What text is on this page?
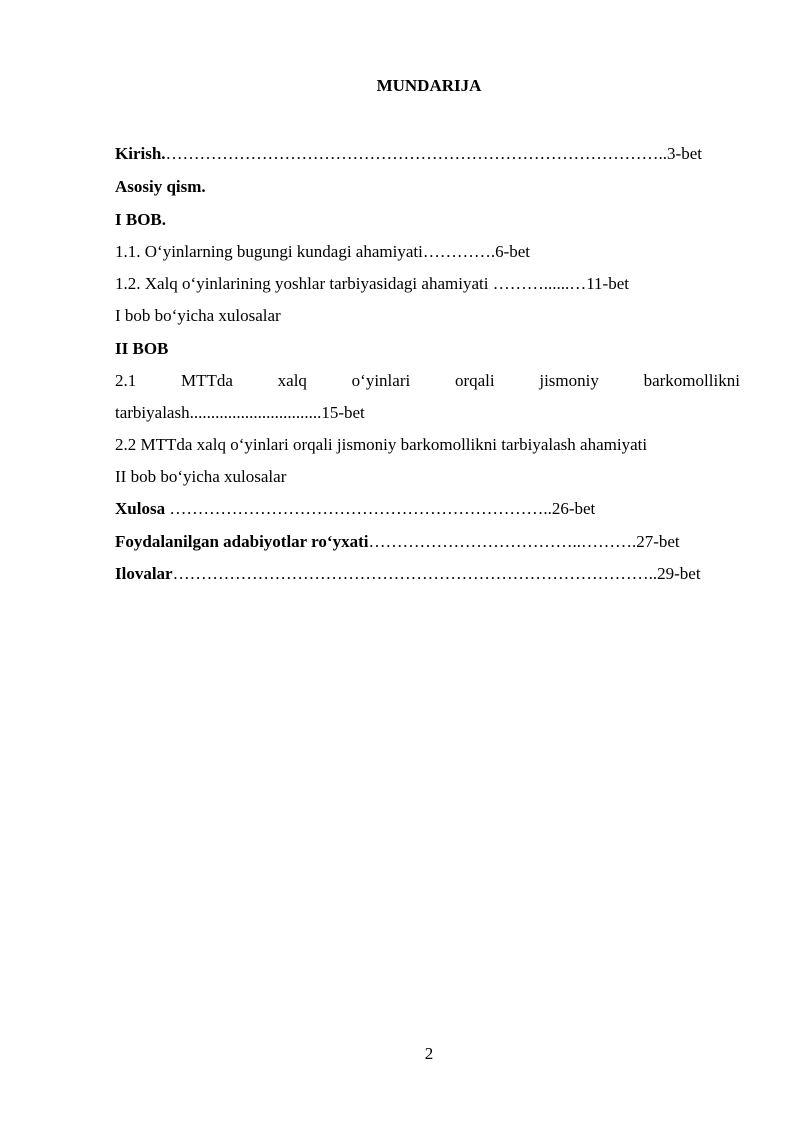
MUNDARIJA
Kirish.……………………………………………………………………………..3-bet
Asosiy qism.
I BOB.
1.1. O‘yinlarning bugungi kundagi ahamiyati………….6-bet
1.2. Xalq o‘yinlarining yoshlar tarbiyasidagi ahamiyati ………......…11-bet
I bob bo‘yicha xulosalar
II BOB
2.1	MTTda	xalq	o‘yinlari	orqali	jismoniy	barkomollikni
tarbiyalash...............................15-bet
2.2 MTTda xalq o‘yinlari orqali jismoniy barkomollikni tarbiyalash ahamiyati
II bob bo‘yicha xulosalar
Xulosa …………………………………………………………..26-bet
Foydalanilgan adabiyotlar ro‘yxati………………………………..……….27-bet
Ilovalar…………………………………………………………………………..29-bet
2
